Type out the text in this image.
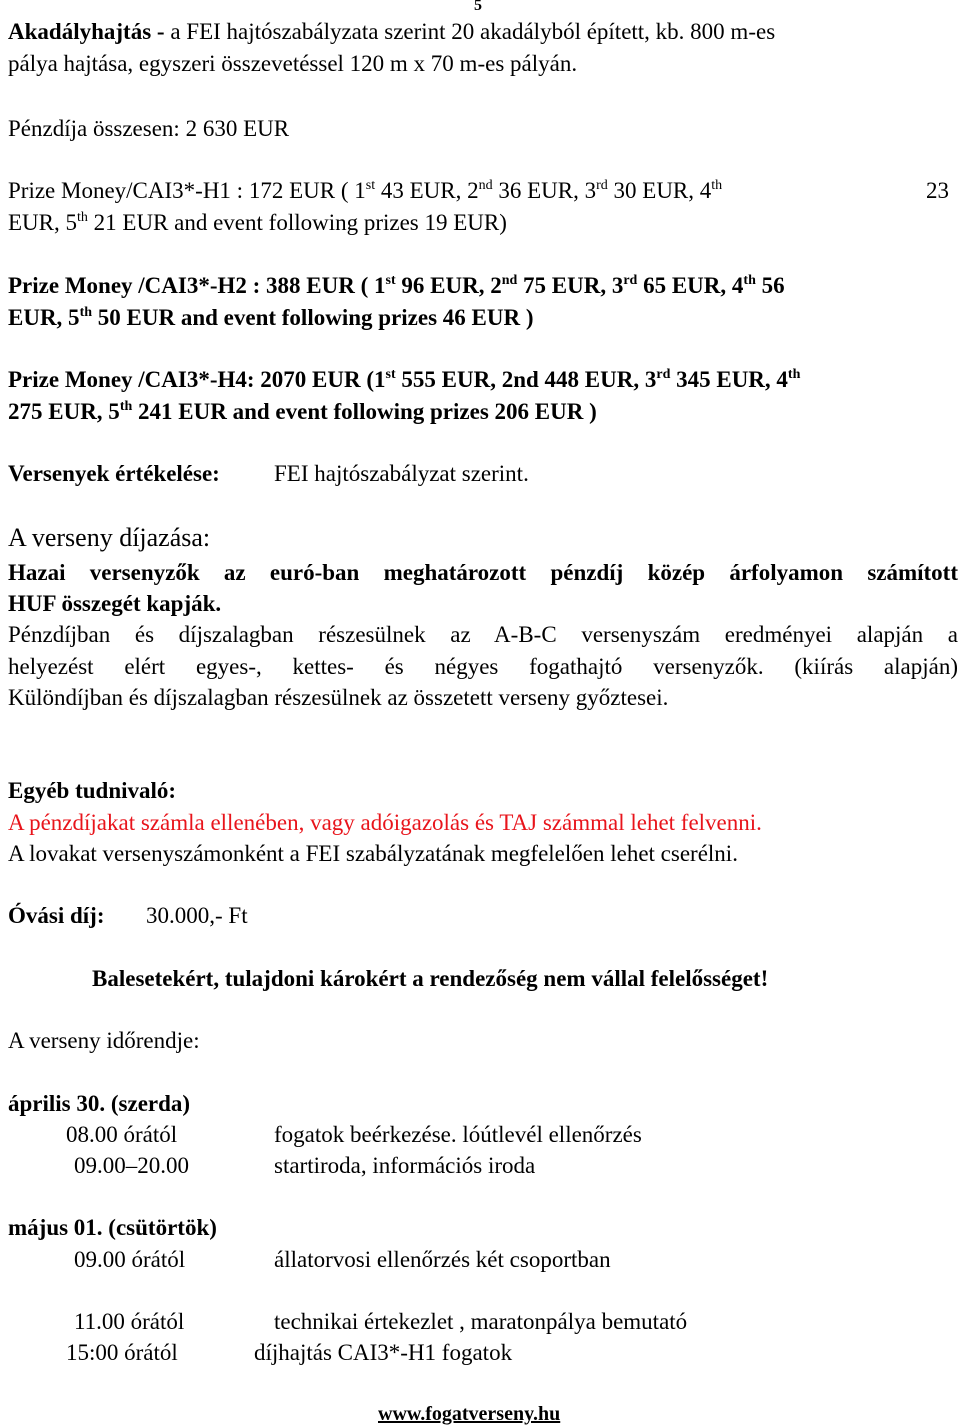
5
Akadályhajtás - a FEI hajtószabályzata szerint 20 akadályból épített, kb. 800 m-es
pálya hajtása, egyszeri összevetéssel 120 m x 70 m-es pályán.
Pénzdíja összesen: 2 630 EUR
Prize Money/CAI3*-H1 : 172 EUR ( 1st 43 EUR, 2nd 36 EUR, 3rd 30 EUR, 4th	23
EUR, 5th 21 EUR and event following prizes 19 EUR)
Prize Money /CAI3*-H2 : 388 EUR ( 1st 96 EUR, 2nd 75 EUR, 3rd 65 EUR, 4th 56
EUR, 5th 50 EUR and event following prizes 46 EUR )
Prize Money /CAI3*-H4: 2070 EUR (1st 555 EUR, 2nd 448 EUR, 3rd 345 EUR, 4th
275 EUR, 5th 241 EUR and event following prizes 206 EUR )
Versenyek értékelése: FEI hajtószabályzat szerint.
A verseny díjazása:
Hazai versenyzők az euró-ban meghatározott pénzdíj közép árfolyamon számított
HUF összegét kapják.
Pénzdíjban és díjszalagban részesülnek az A-B-C versenyszám eredményei alapján a
helyezést elért egyes-, kettes- és négyes fogathajtó versenyzők. (kiírás alapján)
Különdíjban és díjszalagban részesülnek az összetett verseny győztesei.
Egyéb tudnivaló:
A pénzdíjakat számla ellenében, vagy adóigazolás és TAJ számmal lehet felvenni.
A lovakat versenyszámonként a FEI szabályzatának megfelelően lehet cserélni.
Óvási díj: 30.000,- Ft
Balesetekért, tulajdoni károkért a rendezőség nem vállal felelősséget!
A verseny időrendje:
április 30. (szerda)
08.00 órától	fogatok beérkezése. lóútlevél ellenőrzés
09.00–20.00	startiroda, információs iroda
május 01. (csütörtök)
09.00 órától	állatorvosi ellenőrzés két csoportban
11.00 órától	technikai értekezlet , maratonpálya bemutató
15:00 órától	díjhajtás CAI3*-H1 fogatok
www.fogatverseny.hu
